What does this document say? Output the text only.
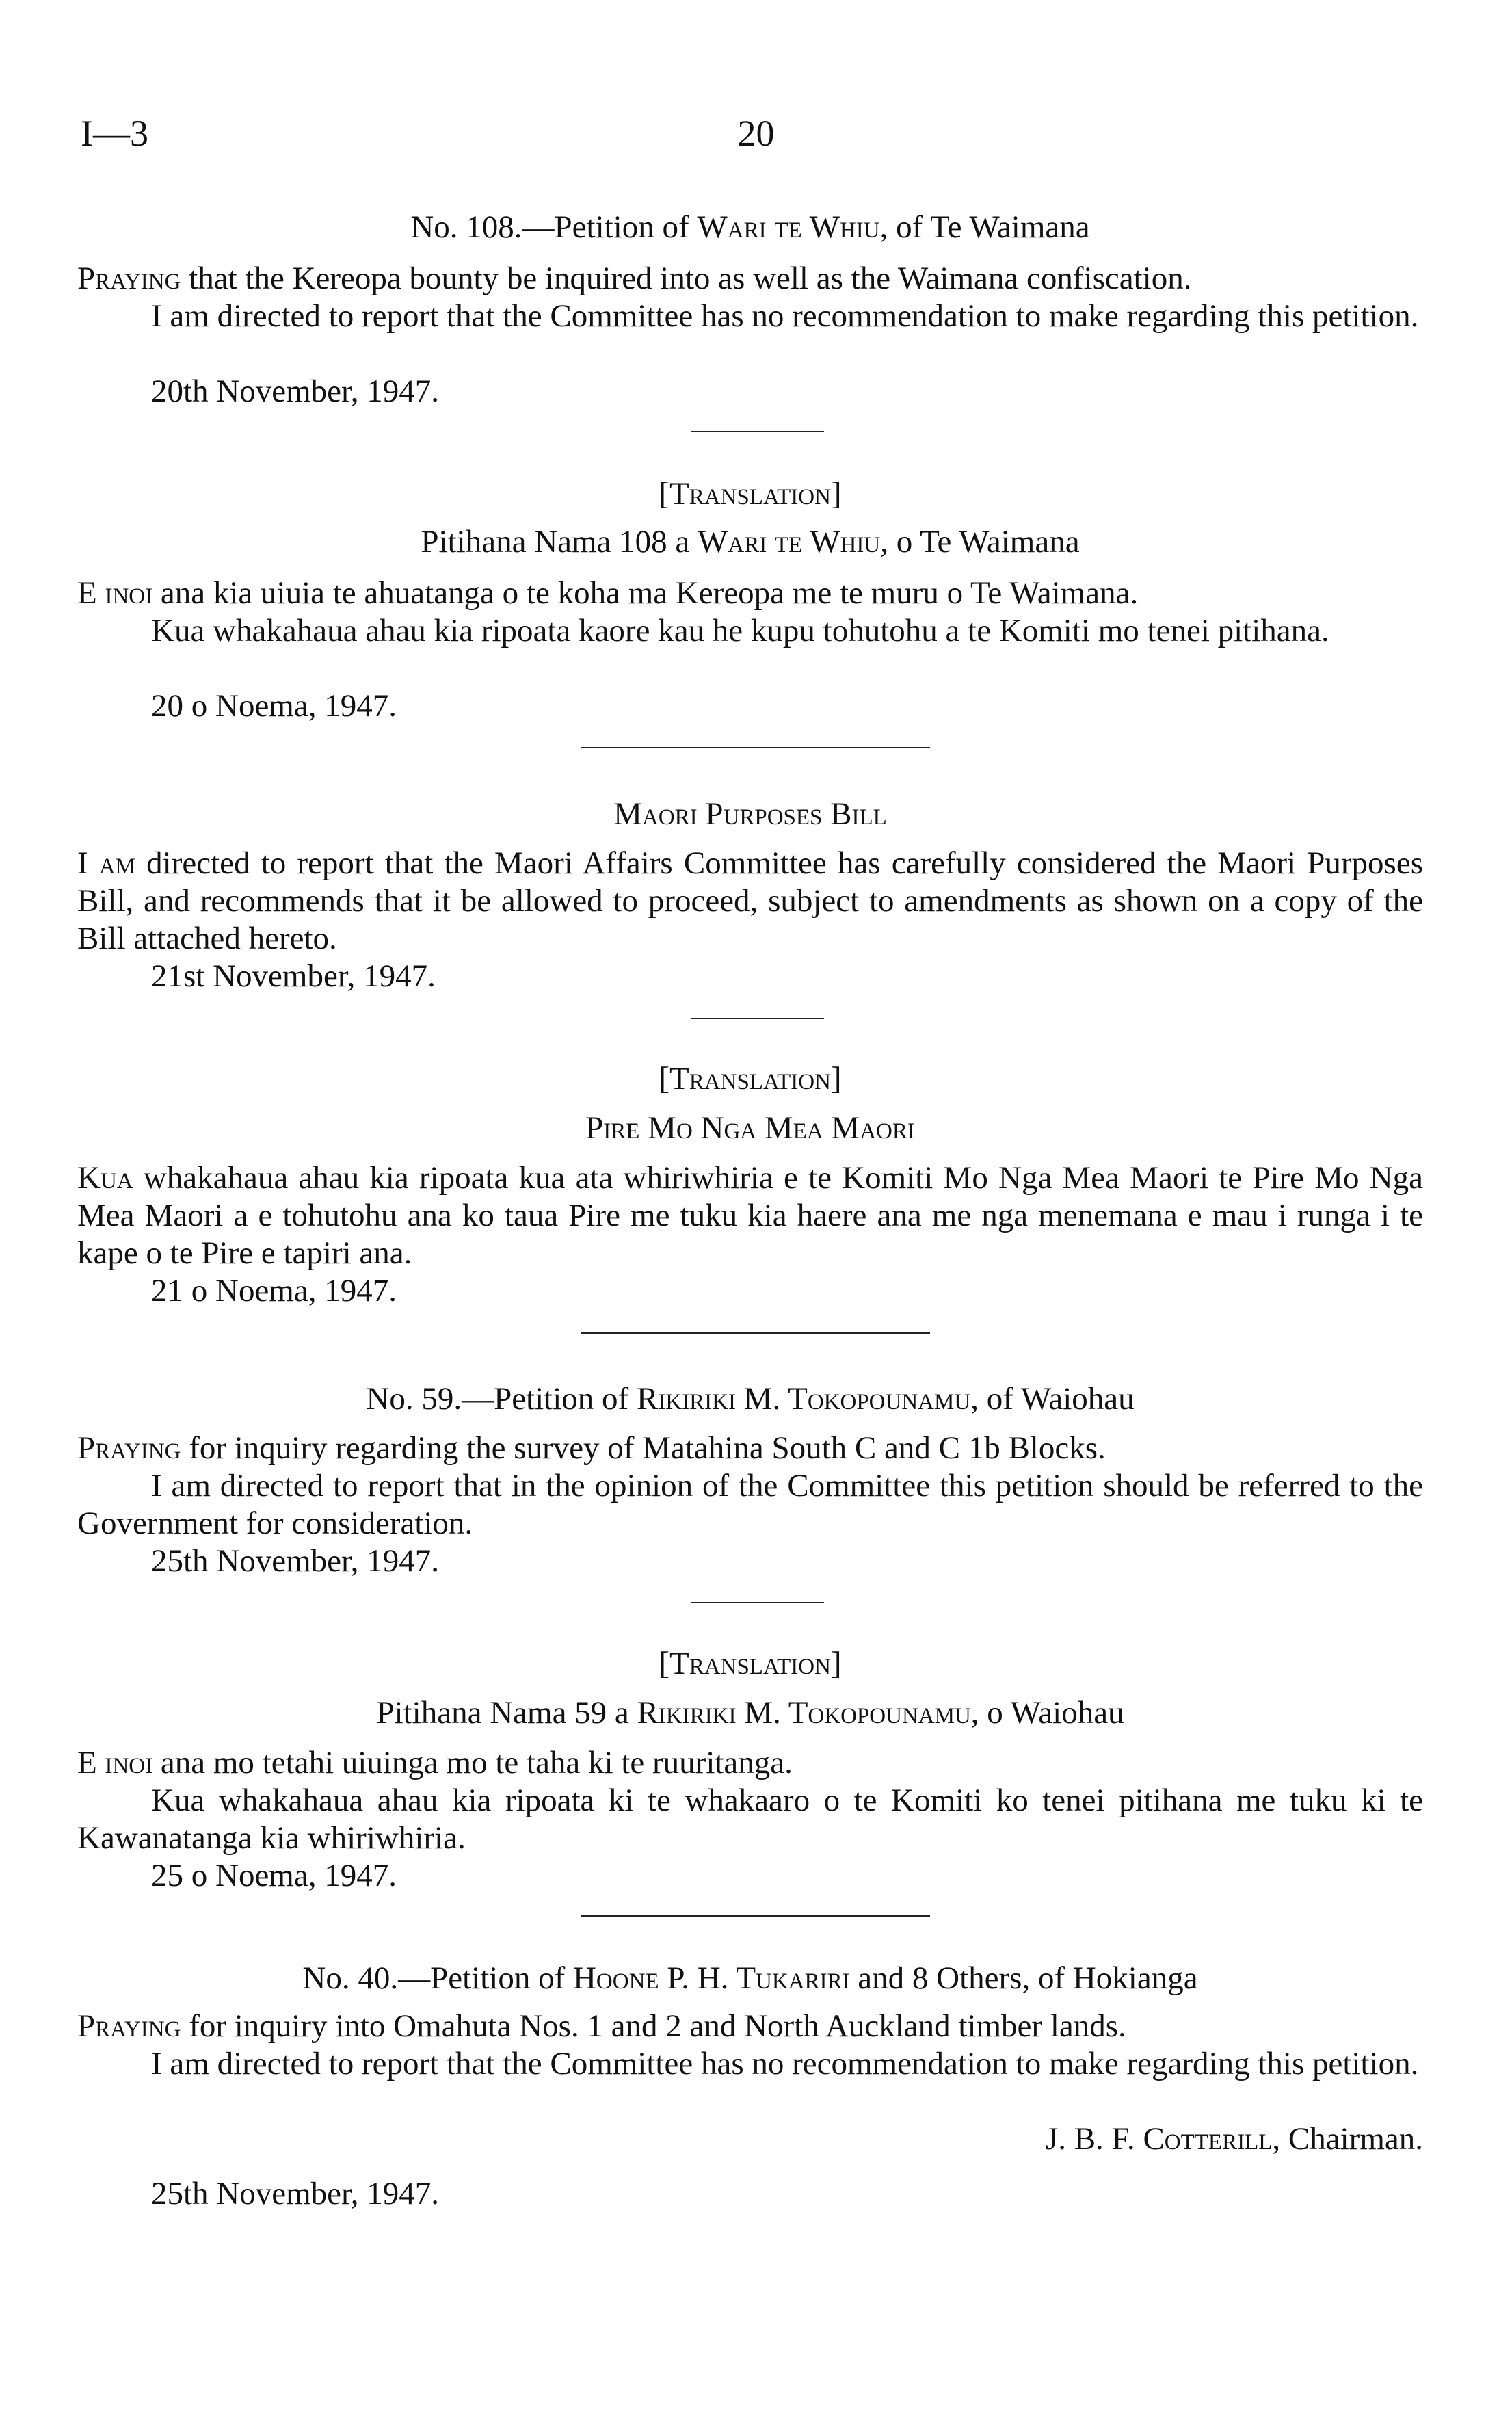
I—3	20
No. 108.—Petition of Wari te Whiu, of Te Waimana
Praying that the Kereopa bounty be inquired into as well as the Waimana confiscation.
I am directed to report that the Committee has no recommendation to make regarding this petition.
20th November, 1947.
[Translation]
Pitihana Nama 108 a Wari te Whiu, o Te Waimana
E inoi ana kia uiuia te ahuatanga o te koha ma Kereopa me te muru o Te Waimana.
Kua whakahaua ahau kia ripoata kaore kau he kupu tohutohu a te Komiti mo tenei pitihana.
20 o Noema, 1947.
Maori Purposes Bill
I am directed to report that the Maori Affairs Committee has carefully considered the Maori Purposes Bill, and recommends that it be allowed to proceed, subject to amendments as shown on a copy of the Bill attached hereto.
21st November, 1947.
[Translation]
Pire Mo Nga Mea Maori
Kua whakahaua ahau kia ripoata kua ata whiriwhiria e te Komiti Mo Nga Mea Maori te Pire Mo Nga Mea Maori a e tohutohu ana ko taua Pire me tuku kia haere ana me nga menemana e mau i runga i te kape o te Pire e tapiri ana.
21 o Noema, 1947.
No. 59.—Petition of Rikiriki M. Tokopounamu, of Waiohau
Praying for inquiry regarding the survey of Matahina South C and C 1b Blocks.
I am directed to report that in the opinion of the Committee this petition should be referred to the Government for consideration.
25th November, 1947.
[Translation]
Pitihana Nama 59 a Rikiriki M. Tokopounamu, o Waiohau
E inoi ana mo tetahi uiuinga mo te taha ki te ruuritanga.
Kua whakahaua ahau kia ripoata ki te whakaaro o te Komiti ko tenei pitihana me tuku ki te Kawanatanga kia whiriwhiria.
25 o Noema, 1947.
No. 40.—Petition of Hoone P. H. Tukariri and 8 Others, of Hokianga
Praying for inquiry into Omahuta Nos. 1 and 2 and North Auckland timber lands.
I am directed to report that the Committee has no recommendation to make regarding this petition.
J. B. F. Cotterill, Chairman.
25th November, 1947.
